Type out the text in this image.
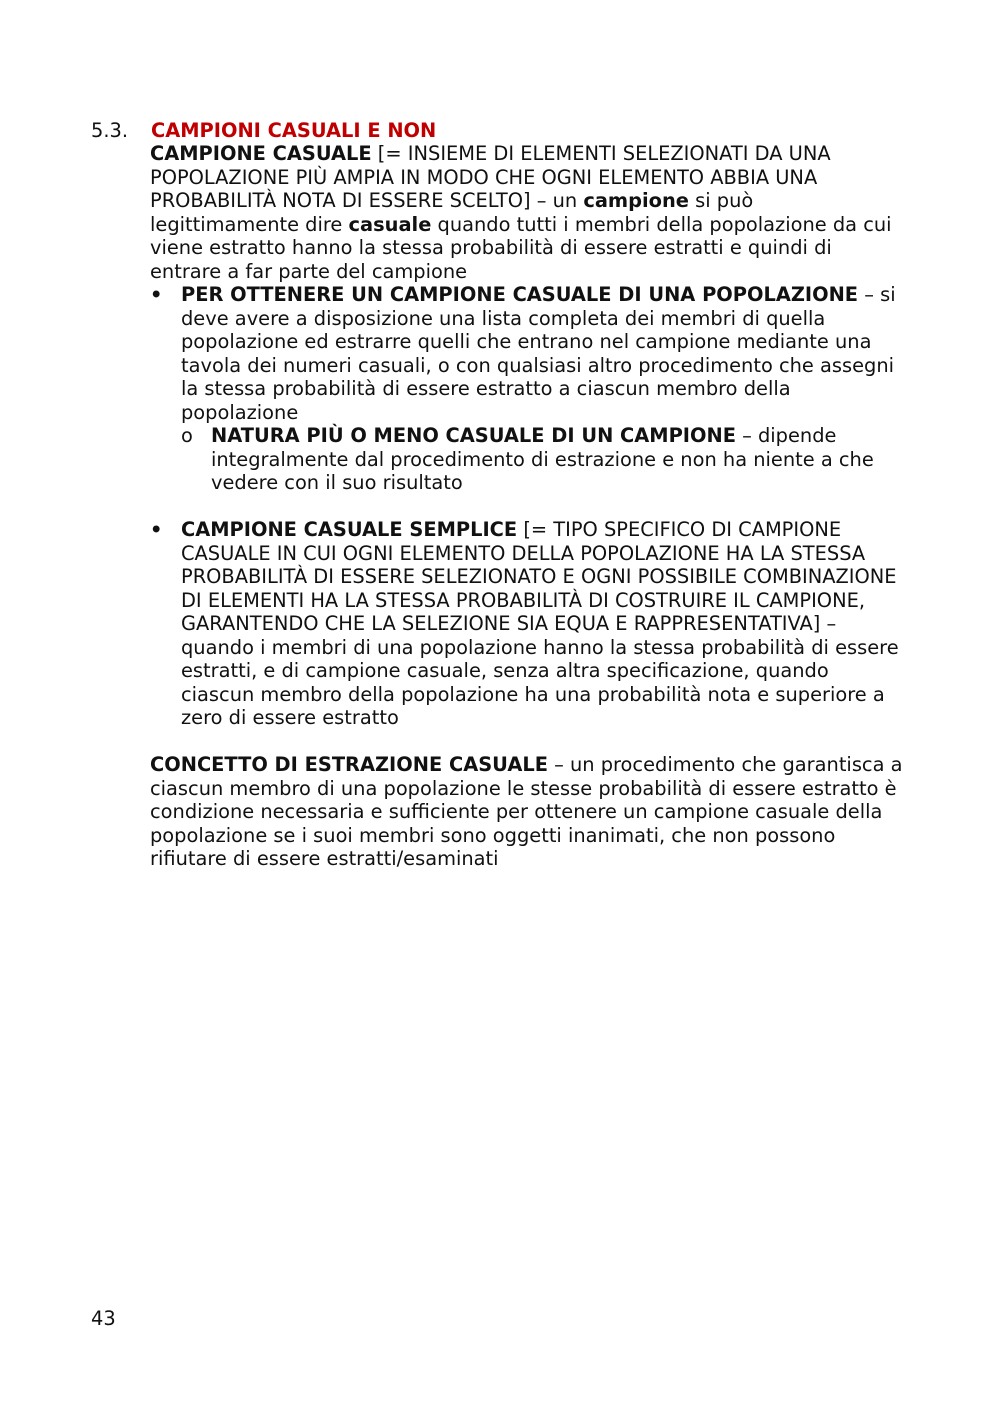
5.3. CAMPIONI CASUALI E NON

CAMPIONE CASUALE [= INSIEME DI ELEMENTI SELEZIONATI DA UNA POPOLAZIONE PIÙ AMPIA IN MODO CHE OGNI ELEMENTO ABBIA UNA PROBABILITÀ NOTA DI ESSERE SCELTO] – un campione si può legittimamente dire casuale quando tutti i membri della popolazione da cui viene estratto hanno la stessa probabilità di essere estratti e quindi di entrare a far parte del campione

• PER OTTENERE UN CAMPIONE CASUALE DI UNA POPOLAZIONE – si deve avere a disposizione una lista completa dei membri di quella popolazione ed estrarre quelli che entrano nel campione mediante una tavola dei numeri casuali, o con qualsiasi altro procedimento che assegni la stessa probabilità di essere estratto a ciascun membro della popolazione
o NATURA PIÙ O MENO CASUALE DI UN CAMPIONE – dipende integralmente dal procedimento di estrazione e non ha niente a che vedere con il suo risultato
• CAMPIONE CASUALE SEMPLICE [= TIPO SPECIFICO DI CAMPIONE CASUALE IN CUI OGNI ELEMENTO DELLA POPOLAZIONE HA LA STESSA PROBABILITÀ DI ESSERE SELEZIONATO E OGNI POSSIBILE COMBINAZIONE DI ELEMENTI HA LA STESSA PROBABILITÀ DI COSTRUIRE IL CAMPIONE, GARANTENDO CHE LA SELEZIONE SIA EQUA E RAPPRESENTATIVA] – quando i membri di una popolazione hanno la stessa probabilità di essere estratti, e di campione casuale, senza altra specificazione, quando ciascun membro della popolazione ha una probabilità nota e superiore a zero di essere estratto

CONCETTO DI ESTRAZIONE CASUALE – un procedimento che garantisca a ciascun membro di una popolazione le stesse probabilità di essere estratto è condizione necessaria e sufficiente per ottenere un campione casuale della popolazione se i suoi membri sono oggetti inanimati, che non possono rifiutare di essere estratti/esaminati

43
